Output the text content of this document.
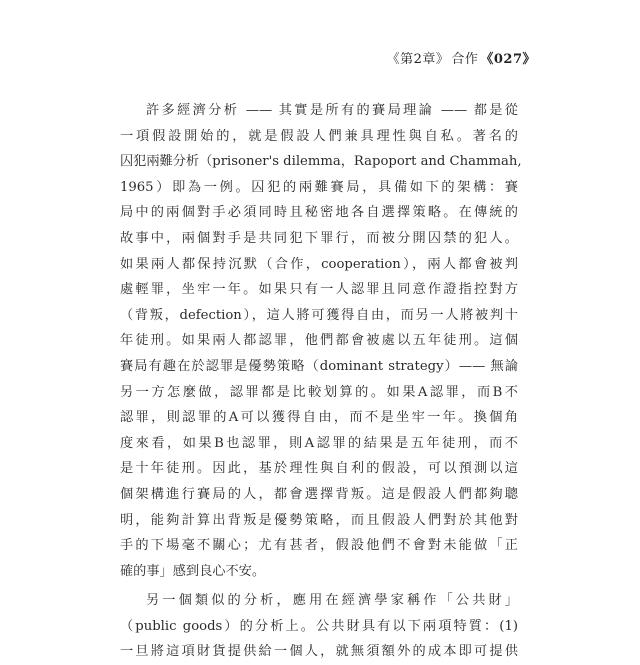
《第2章》 合作 《027》
許多經濟分析 —— 其實是所有的賽局理論 —— 都是從
一項假設開始的，就是假設人們兼具理性與自私。著名的
囚犯兩難分析（prisoner's dilemma，Rapoport and Chammah,
1965）即為一例。囚犯的兩難賽局，具備如下的架構：賽
局中的兩個對手必須同時且秘密地各自選擇策略。在傳統的
故事中，兩個對手是共同犯下罪行，而被分開囚禁的犯人。
如果兩人都保持沉默（合作，cooperation），兩人都會被判
處輕罪，坐牢一年。如果只有一人認罪且同意作證指控對方
（背叛，defection），這人將可獲得自由，而另一人將被判十
年徒刑。如果兩人都認罪，他們都會被處以五年徒刑。這個
賽局有趣在於認罪是優勢策略（dominant strategy）—— 無論
另一方怎麼做，認罪都是比較划算的。如果A認罪，而B不
認罪，則認罪的A可以獲得自由，而不是坐牢一年。換個角
度來看，如果B也認罪，則A認罪的結果是五年徒刑，而不
是十年徒刑。因此，基於理性與自利的假設，可以預測以這
個架構進行賽局的人，都會選擇背叛。這是假設人們都夠聰
明，能夠計算出背叛是優勢策略，而且假設人們對於其他對
手的下場毫不關心；尤有甚者，假設他們不會對未能做「正
確的事」感到良心不安。
另一個類似的分析，應用在經濟學家稱作「公共財」
（public goods）的分析上。公共財具有以下兩項特質：(1)
一旦將這項財貨提供給一個人，就無須額外的成本即可提供
